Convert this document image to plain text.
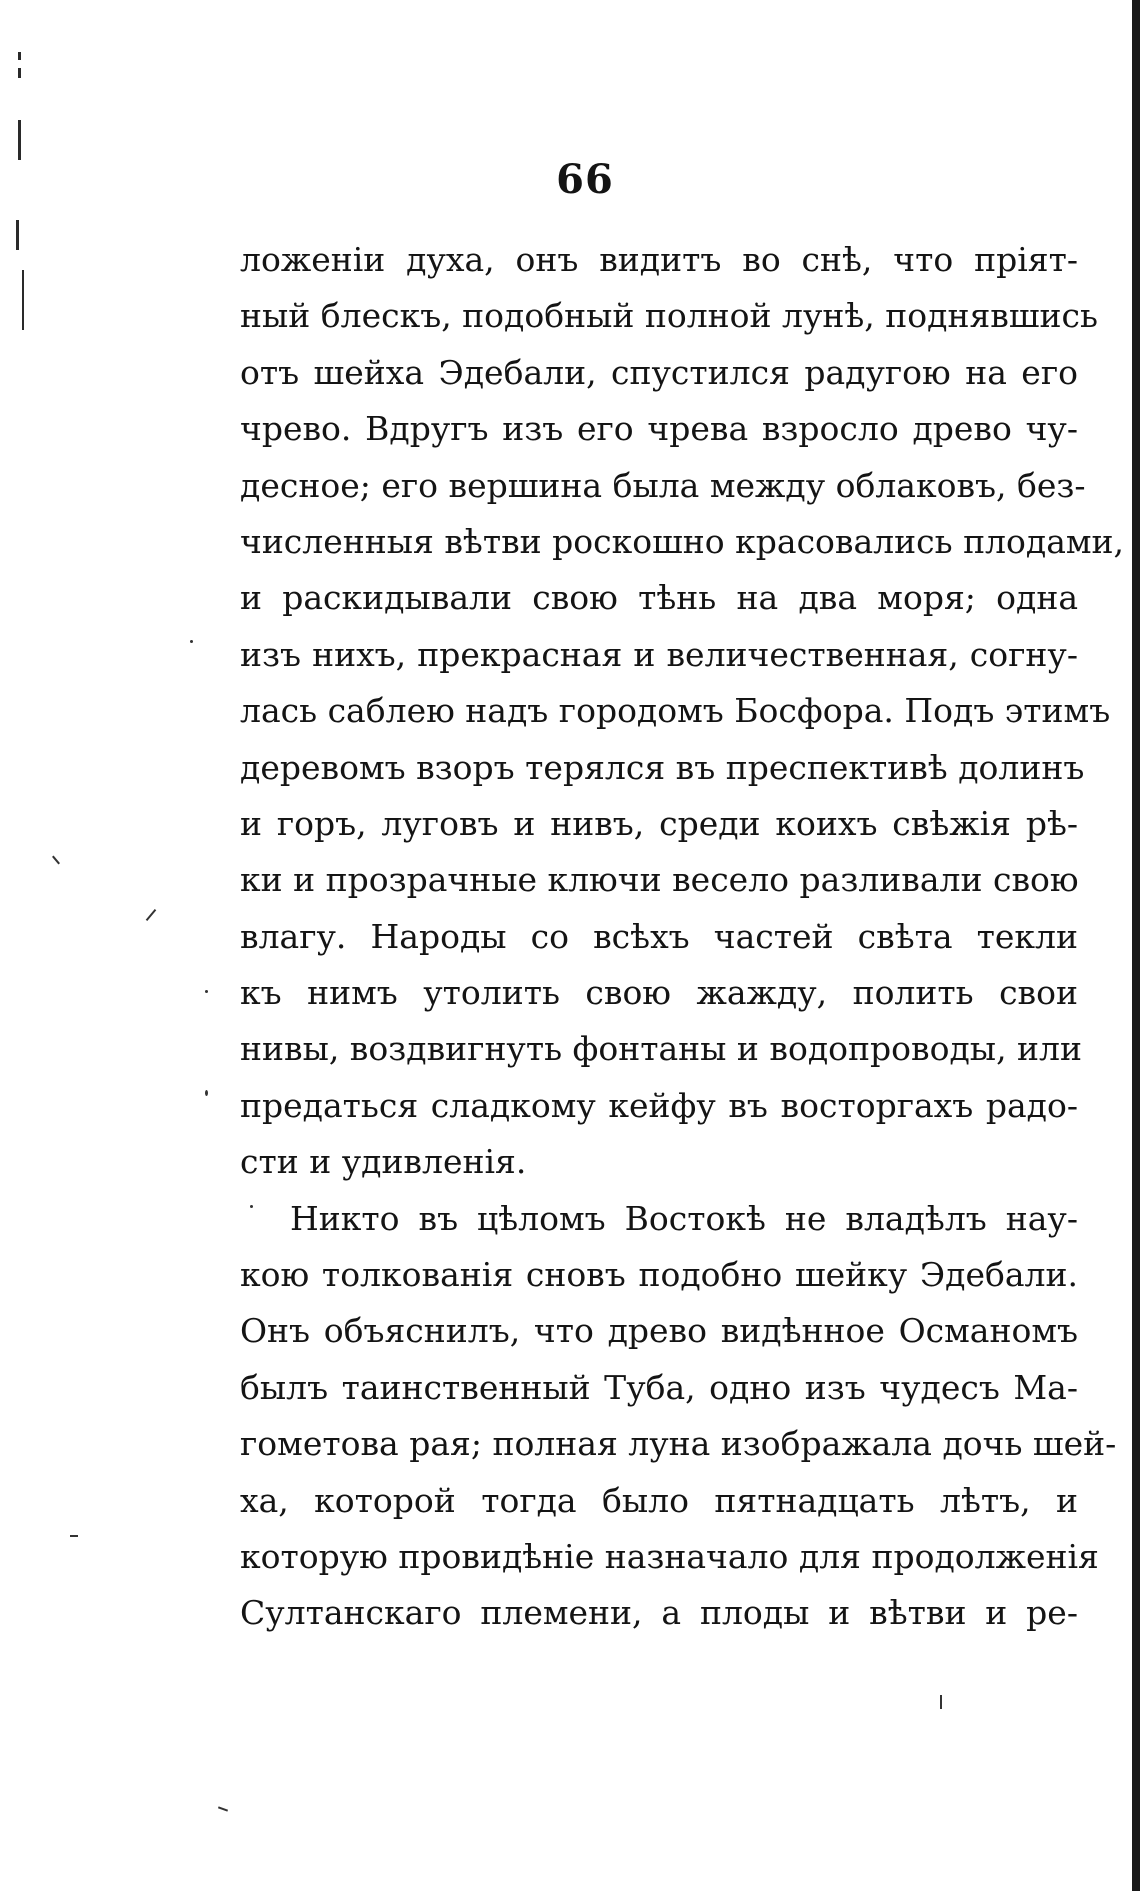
66
ложеніи духа, онъ видитъ во снѣ, что пріят-
ный блескъ, подобный полной лунѣ, поднявшись
отъ шейха Эдебали, спустился радугою на его
чрево. Вдругъ изъ его чрева взросло древо чу-
десное; его вершина была между облаковъ, без-
численныя вѣтви роскошно красовались плодами,
и раскидывали свою тѣнь на два моря; одна
изъ нихъ, прекрасная и величественная, согну-
лась саблею надъ городомъ Босфора. Подъ этимъ
деревомъ взоръ терялся въ преспективѣ долинъ
и горъ, луговъ и нивъ, среди коихъ свѣжія рѣ-
ки и прозрачные ключи весело разливали свою
влагу. Народы со всѣхъ частей свѣта текли
къ нимъ утолить свою жажду, полить свои
нивы, воздвигнуть фонтаны и водопроводы, или
предаться сладкому кейфу въ восторгахъ радо-
сти и удивленія.
Никто въ цѣломъ Востокѣ не владѣлъ нау-
кою толкованія сновъ подобно шейку Эдебали.
Онъ объяснилъ, что древо видѣнное Османомъ
былъ таинственный Туба, одно изъ чудесъ Ма-
гометова рая; полная луна изображала дочь шей-
ха, которой тогда было пятнадцать лѣтъ, и
которую провидѣніе назначало для продолженія
Султанскаго племени, а плоды и вѣтви и ре-
